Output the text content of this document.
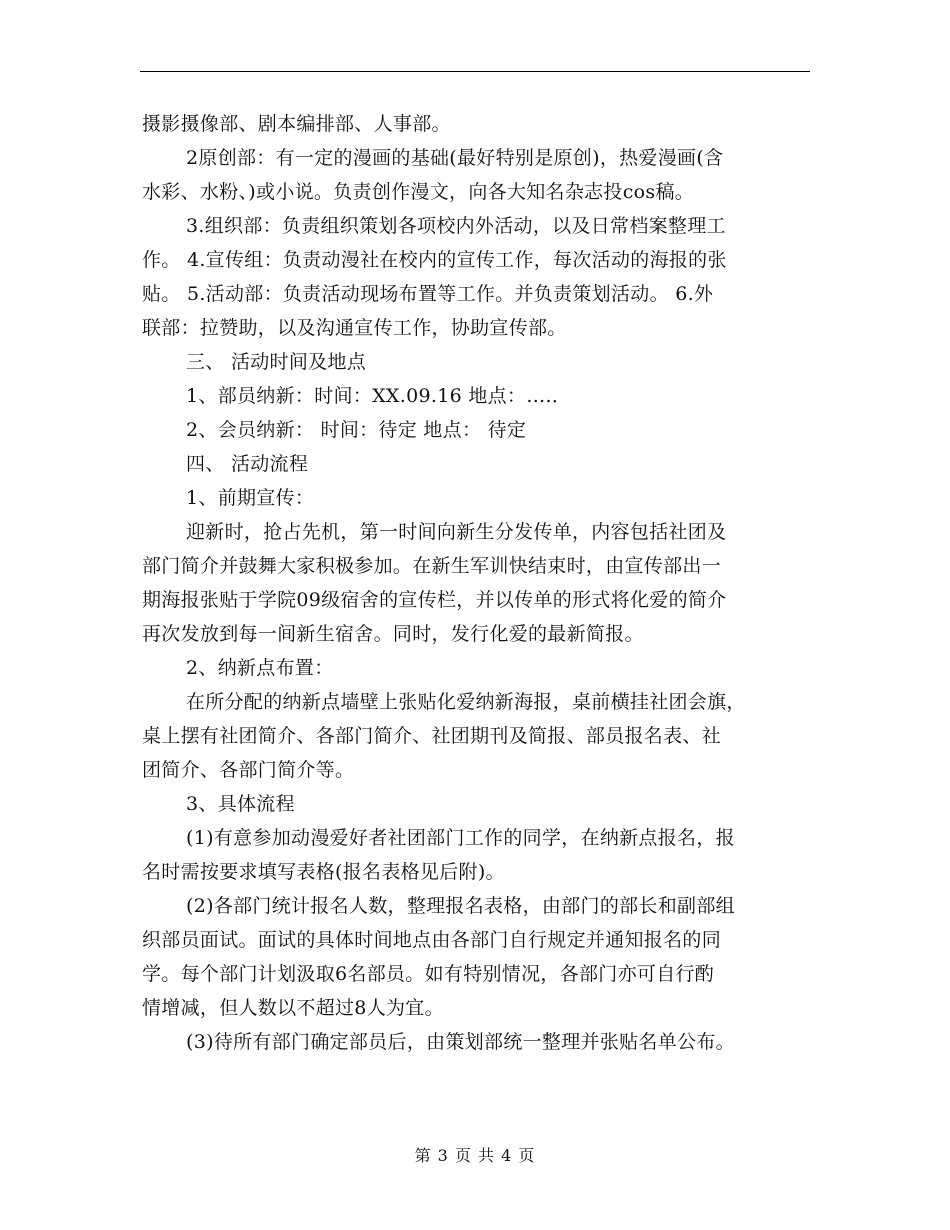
摄影摄像部、剧本编排部、人事部。
2原创部：有一定的漫画的基础(最好特别是原创)，热爱漫画(含
水彩、水粉、)或小说。负责创作漫文，向各大知名杂志投cos稿。
3.组织部：负责组织策划各项校内外活动，以及日常档案整理工
作。 4.宣传组：负责动漫社在校内的宣传工作，每次活动的海报的张
贴。 5.活动部：负责活动现场布置等工作。并负责策划活动。 6.外
联部：拉赞助，以及沟通宣传工作，协助宣传部。
三、 活动时间及地点
1、部员纳新：时间：XX.09.16 地点：….．
2、会员纳新： 时间：待定 地点： 待定
四、 活动流程
1、前期宣传：
迎新时，抢占先机，第一时间向新生分发传单，内容包括社团及
部门简介并鼓舞大家积极参加。在新生军训快结束时，由宣传部出一
期海报张贴于学院09级宿舍的宣传栏，并以传单的形式将化爱的简介
再次发放到每一间新生宿舍。同时，发行化爱的最新简报。
2、纳新点布置：
在所分配的纳新点墙壁上张贴化爱纳新海报，桌前横挂社团会旗，
桌上摆有社团简介、各部门简介、社团期刊及简报、部员报名表、社
团简介、各部门简介等。
3、具体流程
(1)有意参加动漫爱好者社团部门工作的同学，在纳新点报名，报
名时需按要求填写表格(报名表格见后附)。
(2)各部门统计报名人数，整理报名表格，由部门的部长和副部组
织部员面试。面试的具体时间地点由各部门自行规定并通知报名的同
学。每个部门计划汲取6名部员。如有特别情况，各部门亦可自行酌
情增减，但人数以不超过8人为宜。
(3)待所有部门确定部员后，由策划部统一整理并张贴名单公布。
第 3 页 共 4 页
